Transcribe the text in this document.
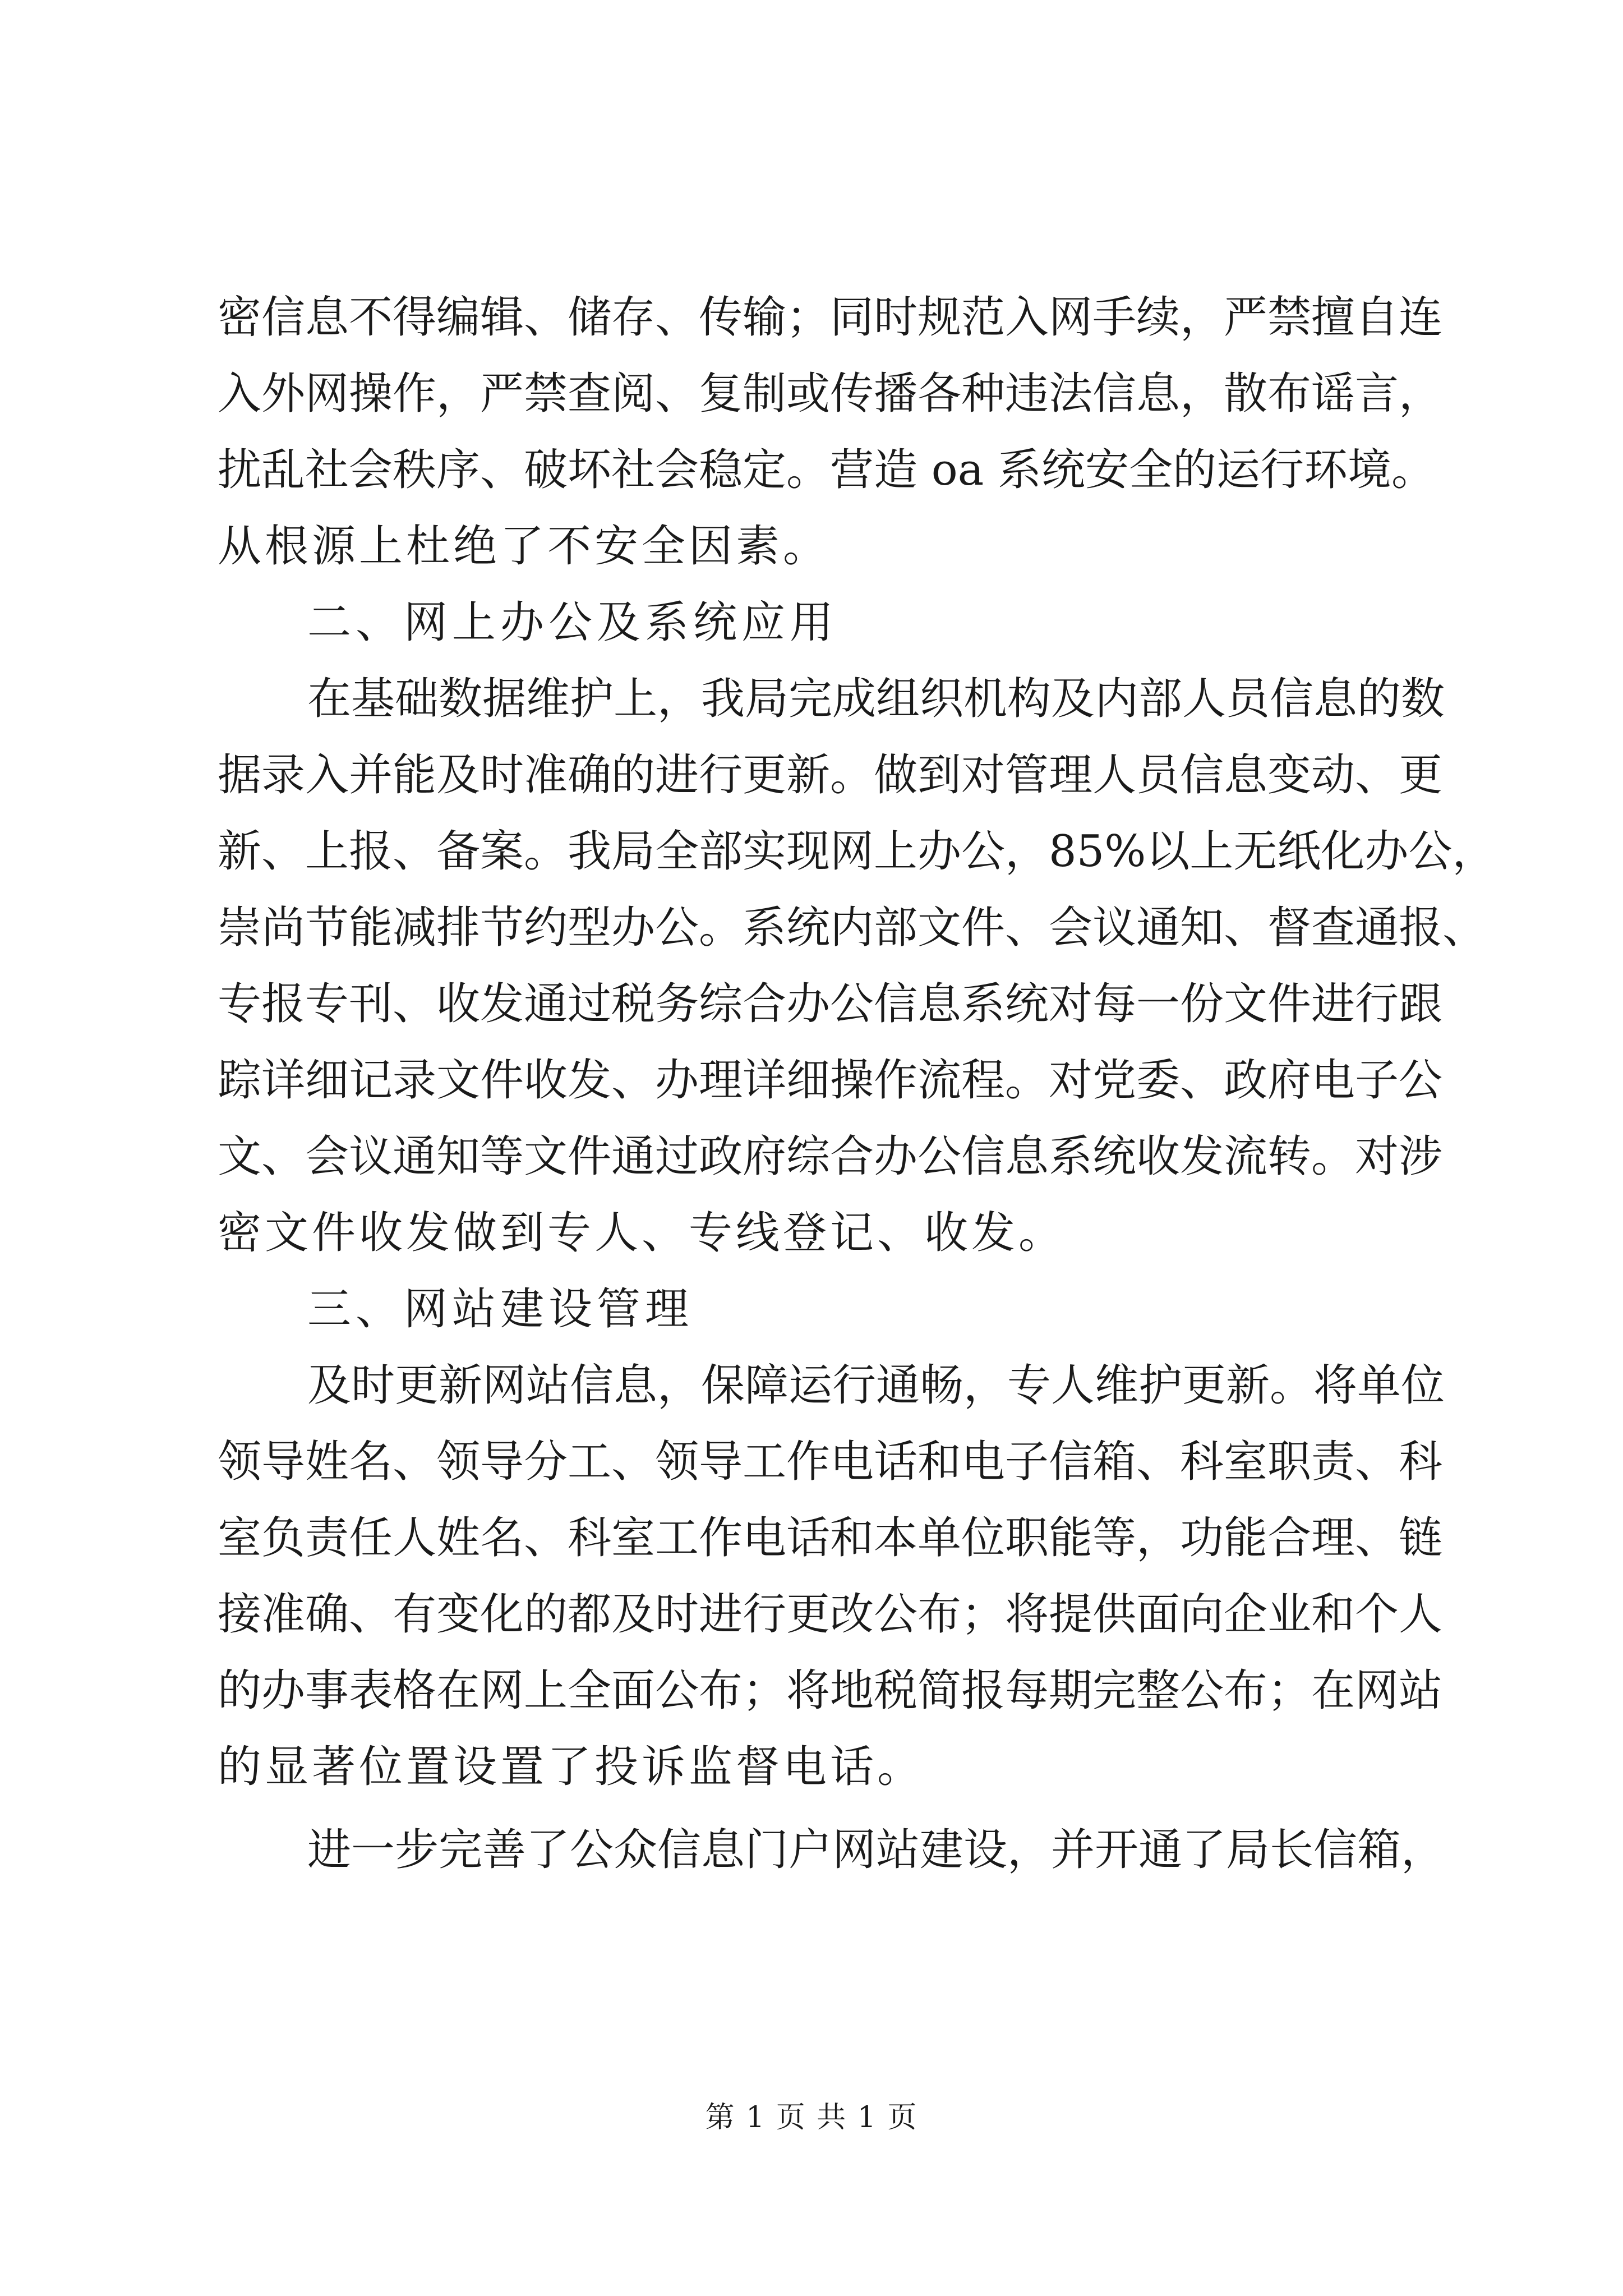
密信息不得编辑、储存、传输；同时规范入网手续，严禁擅自连
入外网操作，严禁查阅、复制或传播各种违法信息，散布谣言，
扰乱社会秩序、破坏社会稳定。营造 oa 系统安全的运行环境。
从根源上杜绝了不安全因素。
二、网上办公及系统应用
在基础数据维护上，我局完成组织机构及内部人员信息的数
据录入并能及时准确的进行更新。做到对管理人员信息变动、更
新、上报、备案。我局全部实现网上办公，85%以上无纸化办公，
崇尚节能减排节约型办公。系统内部文件、会议通知、督查通报、
专报专刊、收发通过税务综合办公信息系统对每一份文件进行跟
踪详细记录文件收发、办理详细操作流程。对党委、政府电子公
文、会议通知等文件通过政府综合办公信息系统收发流转。对涉
密文件收发做到专人、专线登记、收发。
三、网站建设管理
及时更新网站信息，保障运行通畅，专人维护更新。将单位
领导姓名、领导分工、领导工作电话和电子信箱、科室职责、科
室负责任人姓名、科室工作电话和本单位职能等，功能合理、链
接准确、有变化的都及时进行更改公布；将提供面向企业和个人
的办事表格在网上全面公布；将地税简报每期完整公布；在网站
的显著位置设置了投诉监督电话。
进一步完善了公众信息门户网站建设，并开通了局长信箱，
第 1 页 共 1 页
